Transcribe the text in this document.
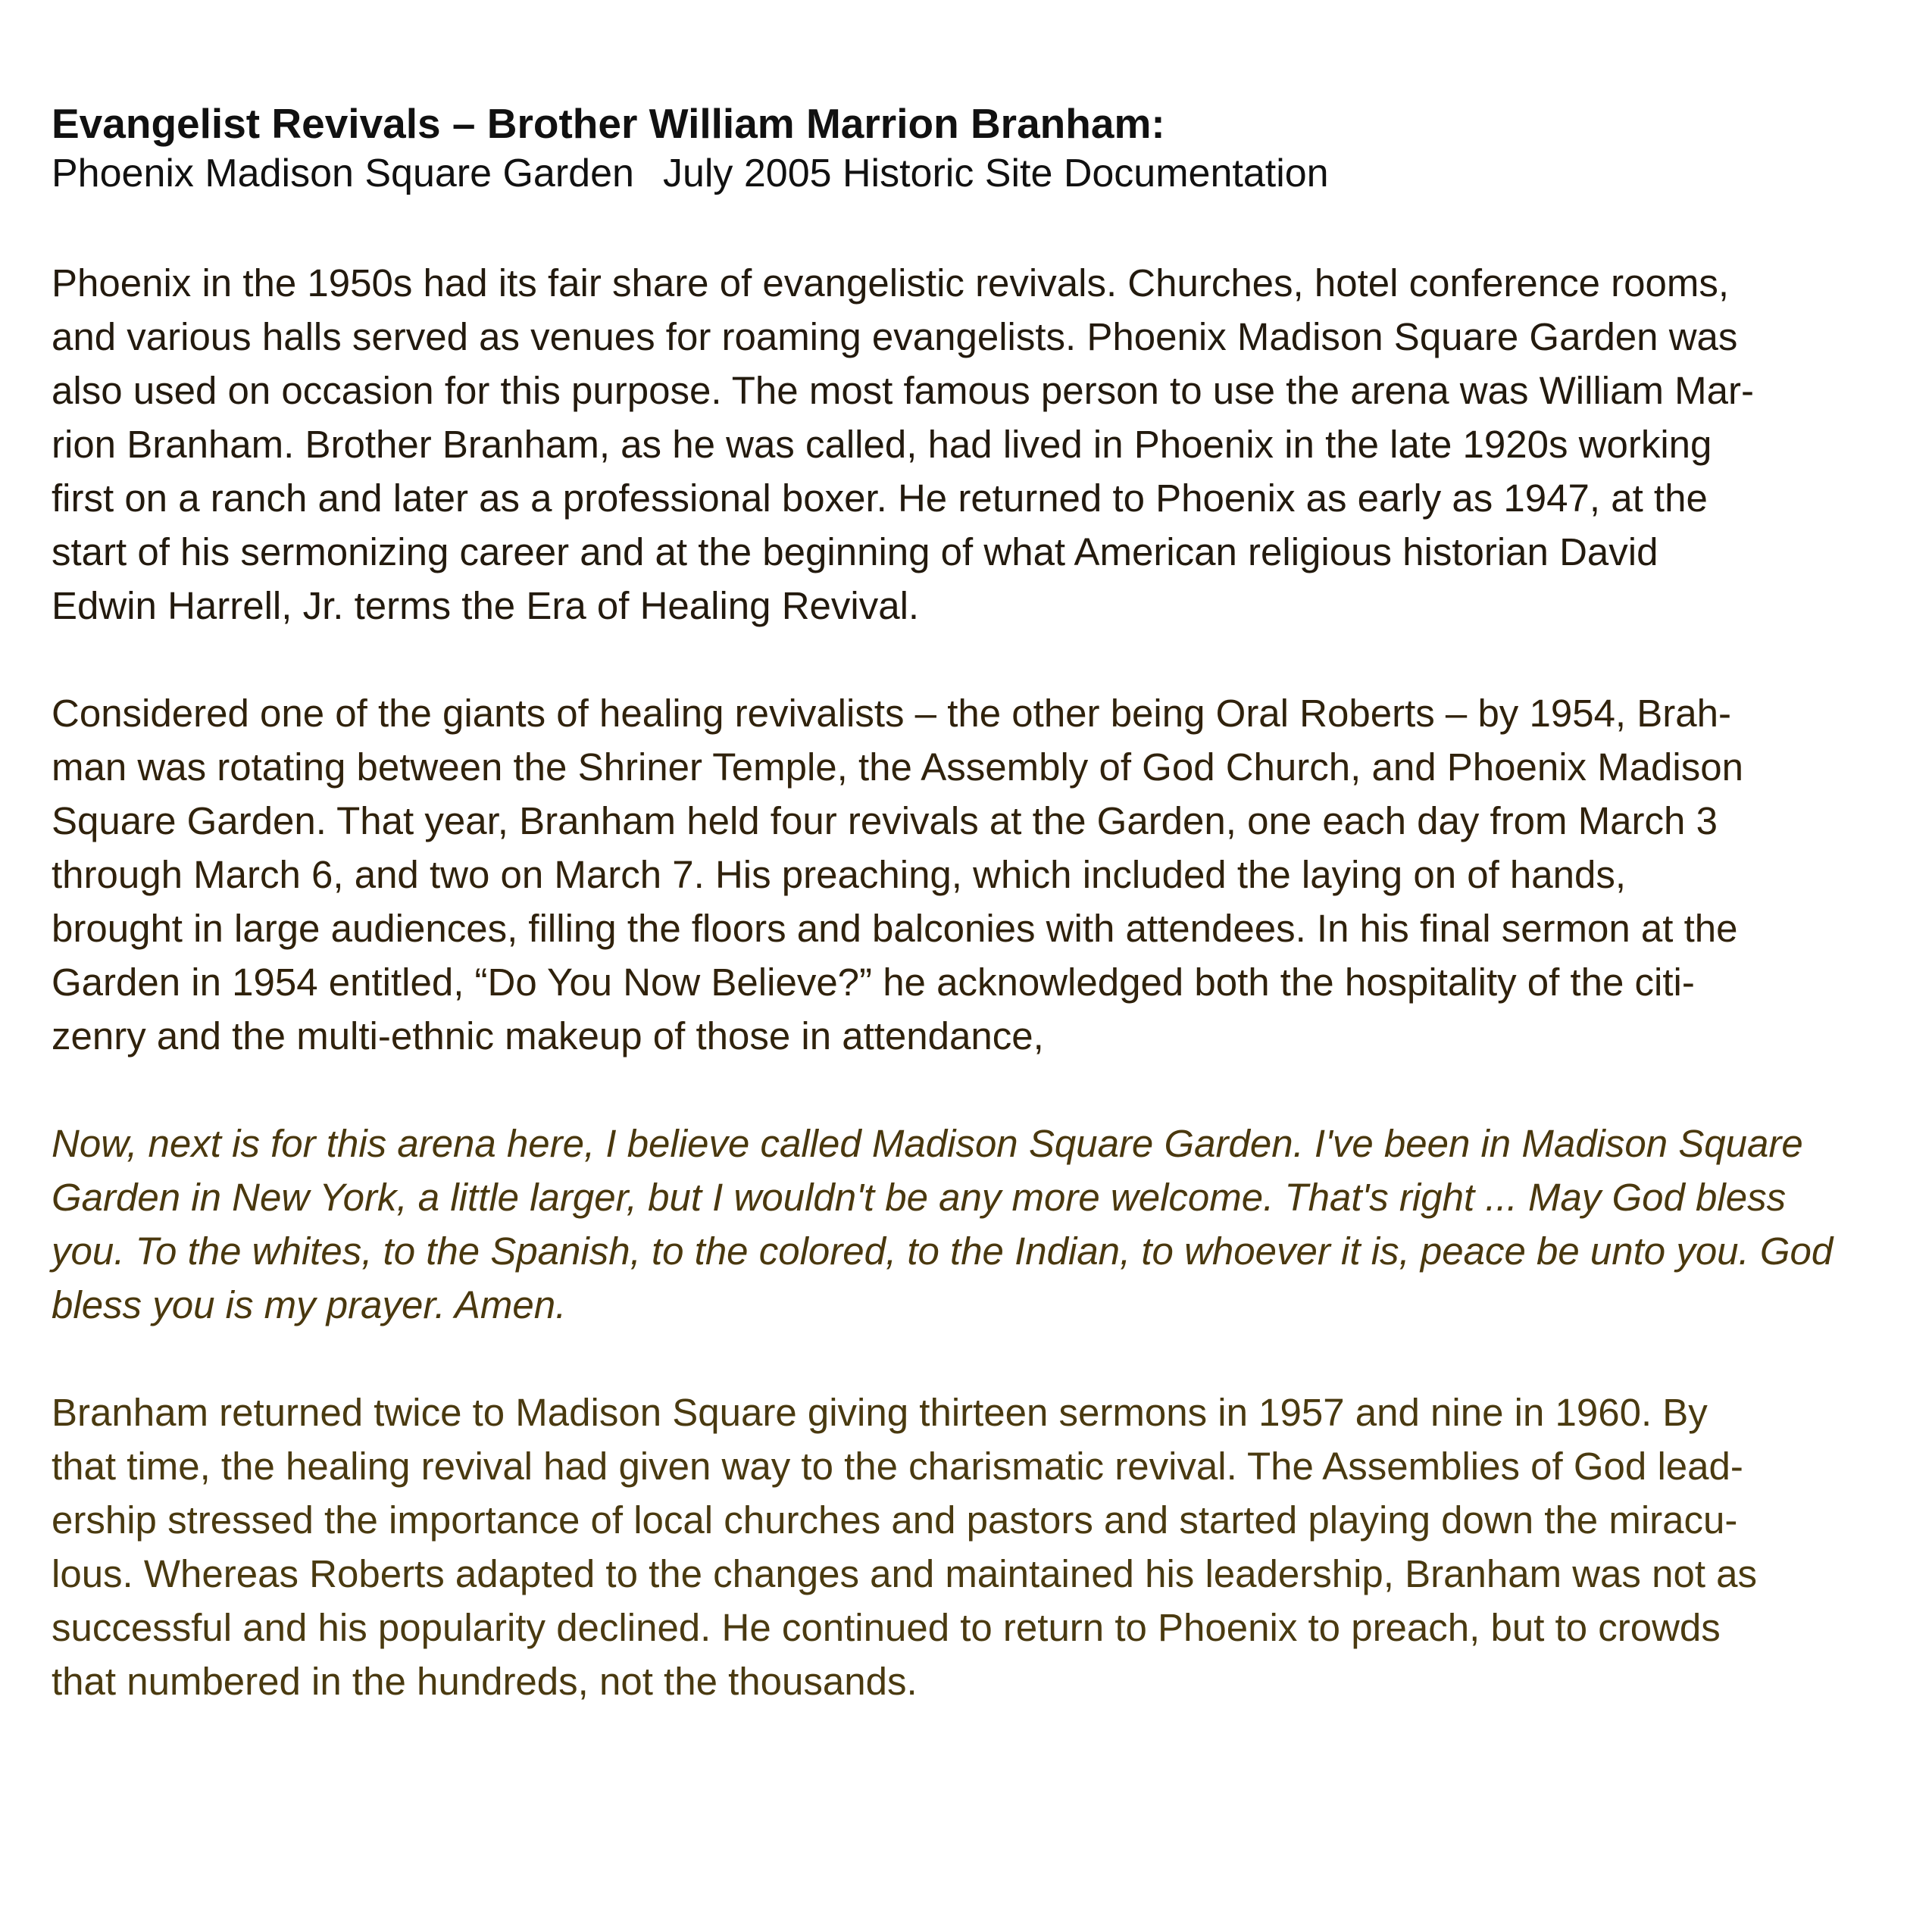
Evangelist Revivals – Brother William Marrion Branham:
Phoenix Madison Square Garden July 2005 Historic Site Documentation

Phoenix in the 1950s had its fair share of evangelistic revivals. Churches, hotel conference rooms,
and various halls served as venues for roaming evangelists. Phoenix Madison Square Garden was
also used on occasion for this purpose. The most famous person to use the arena was William Mar-
rion Branham. Brother Branham, as he was called, had lived in Phoenix in the late 1920s working
first on a ranch and later as a professional boxer. He returned to Phoenix as early as 1947, at the
start of his sermonizing career and at the beginning of what American religious historian David
Edwin Harrell, Jr. terms the Era of Healing Revival.

Considered one of the giants of healing revivalists – the other being Oral Roberts – by 1954, Brah-
man was rotating between the Shriner Temple, the Assembly of God Church, and Phoenix Madison
Square Garden. That year, Branham held four revivals at the Garden, one each day from March 3
through March 6, and two on March 7. His preaching, which included the laying on of hands,
brought in large audiences, filling the floors and balconies with attendees. In his final sermon at the
Garden in 1954 entitled, “Do You Now Believe?” he acknowledged both the hospitality of the citi-
zenry and the multi-ethnic makeup of those in attendance,

Now, next is for this arena here, I believe called Madison Square Garden. I've been in Madison Square
Garden in New York, a little larger, but I wouldn't be any more welcome. That's right ... May God bless
you. To the whites, to the Spanish, to the colored, to the Indian, to whoever it is, peace be unto you. God
bless you is my prayer. Amen.

Branham returned twice to Madison Square giving thirteen sermons in 1957 and nine in 1960. By
that time, the healing revival had given way to the charismatic revival. The Assemblies of God lead-
ership stressed the importance of local churches and pastors and started playing down the miracu-
lous. Whereas Roberts adapted to the changes and maintained his leadership, Branham was not as
successful and his popularity declined. He continued to return to Phoenix to preach, but to crowds
that numbered in the hundreds, not the thousands.
